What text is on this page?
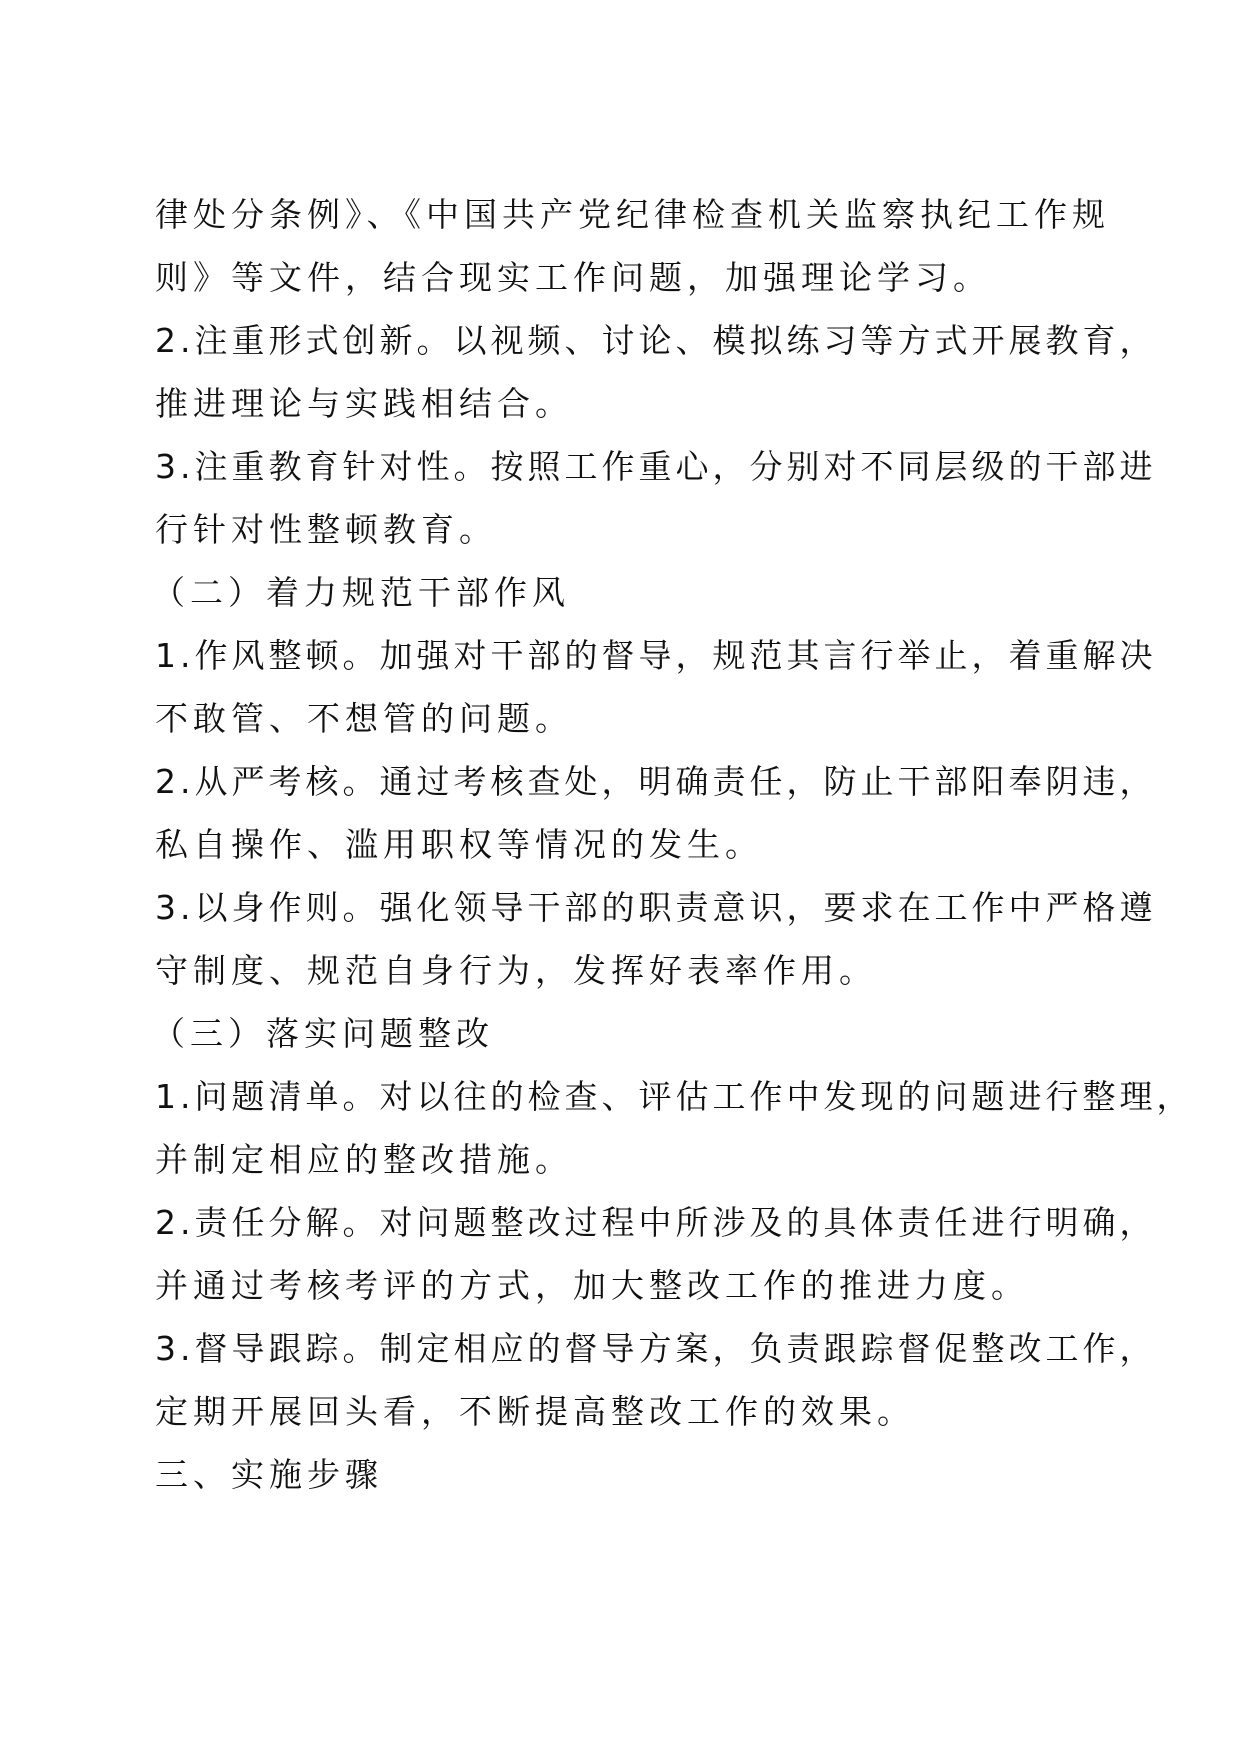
律处分条例》、《中国共产党纪律检查机关监察执纪工作规
则》等文件，结合现实工作问题，加强理论学习。
2.注重形式创新。以视频、讨论、模拟练习等方式开展教育，
推进理论与实践相结合。
3.注重教育针对性。按照工作重心，分别对不同层级的干部进
行针对性整顿教育。
（二）着力规范干部作风
1.作风整顿。加强对干部的督导，规范其言行举止，着重解决
不敢管、不想管的问题。
2.从严考核。通过考核查处，明确责任，防止干部阳奉阴违，
私自操作、滥用职权等情况的发生。
3.以身作则。强化领导干部的职责意识，要求在工作中严格遵
守制度、规范自身行为，发挥好表率作用。
（三）落实问题整改
1.问题清单。对以往的检查、评估工作中发现的问题进行整理，
并制定相应的整改措施。
2.责任分解。对问题整改过程中所涉及的具体责任进行明确，
并通过考核考评的方式，加大整改工作的推进力度。
3.督导跟踪。制定相应的督导方案，负责跟踪督促整改工作，
定期开展回头看，不断提高整改工作的效果。
三、实施步骤
